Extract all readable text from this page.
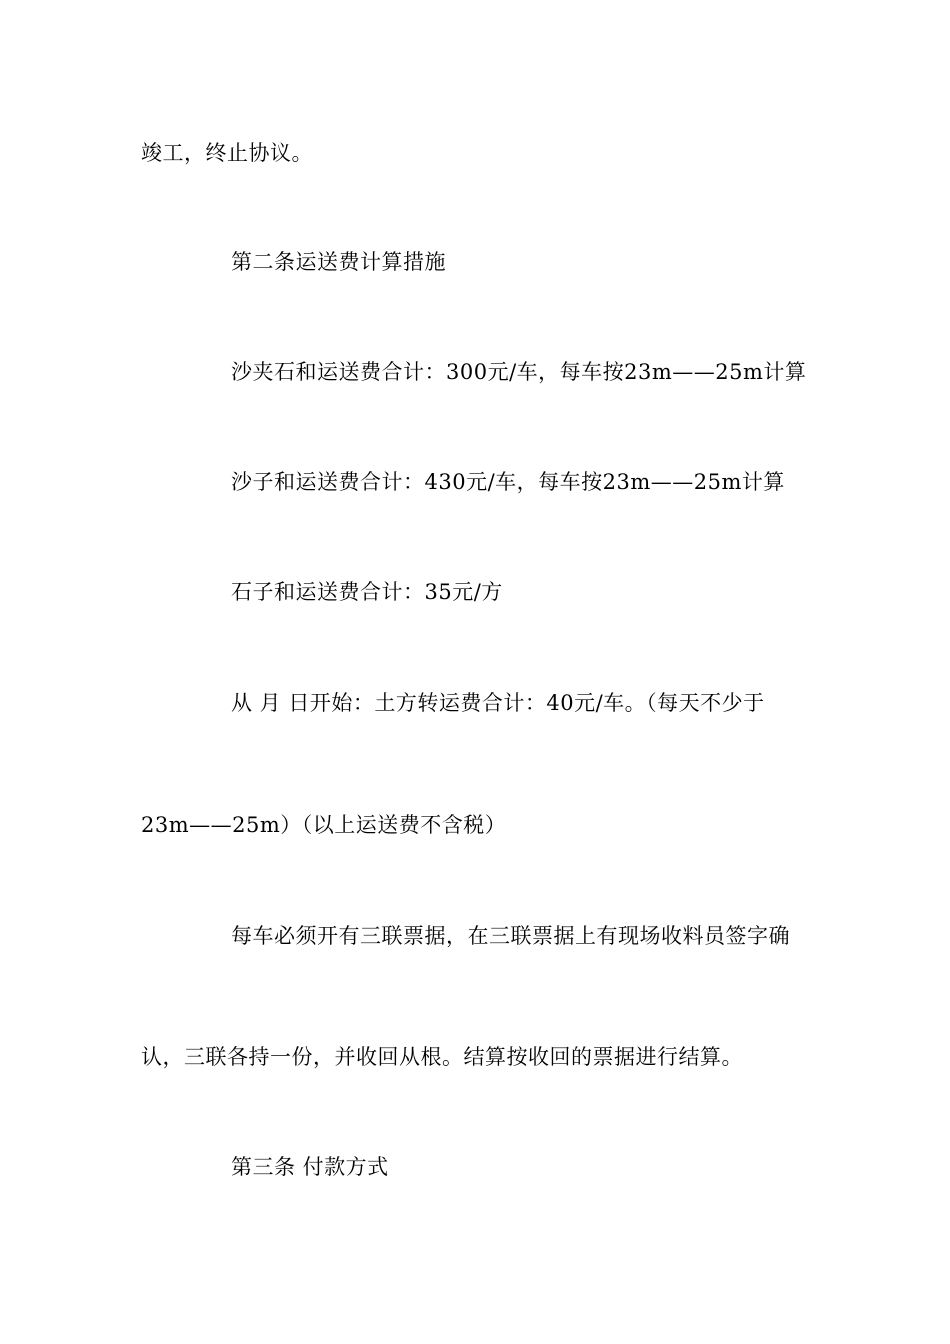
竣工，终止协议。
第二条运送费计算措施
沙夹石和运送费合计：300元/车，每车按23m——25m计算
沙子和运送费合计：430元/车，每车按23m——25m计算
石子和运送费合计：35元/方
从 月 日开始：土方转运费合计：40元/车。（每天不少于
23m——25m）（以上运送费不含税）
每车必须开有三联票据，在三联票据上有现场收料员签字确
认，三联各持一份，并收回从根。结算按收回的票据进行结算。
第三条 付款方式
